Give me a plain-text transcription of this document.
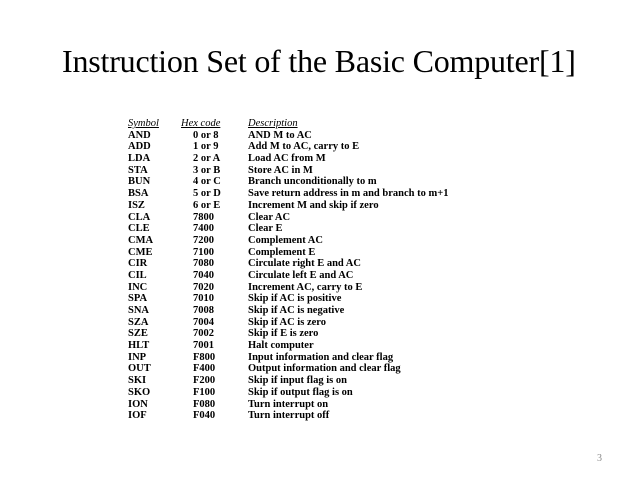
Instruction Set of the Basic Computer[1]
Symbol	Hex code	Description
AND	0 or 8	AND M to AC
ADD	1 or 9	Add M to AC, carry to E
LDA	2 or A	Load AC from M
STA	3 or B	Store AC in M
BUN	4 or C	Branch unconditionally to m
BSA	5 or D	Save return address in m and branch to m+1
ISZ	6 or E	Increment M and skip if zero
CLA	7800	Clear AC
CLE	7400	Clear E
CMA	7200	Complement AC
CME	7100	Complement E
CIR	7080	Circulate right E and AC
CIL	7040	Circulate left E and AC
INC	7020	Increment AC, carry to E
SPA	7010	Skip if AC is positive
SNA	7008	Skip if AC is negative
SZA	7004	Skip if AC is zero
SZE	7002	Skip if E is zero
HLT	7001	Halt computer
INP	F800	Input information and clear flag
OUT	F400	Output information and clear flag
SKI	F200	Skip if input flag is on
SKO	F100	Skip if output flag is on
ION	F080	Turn interrupt on
IOF	F040	Turn interrupt off
3
